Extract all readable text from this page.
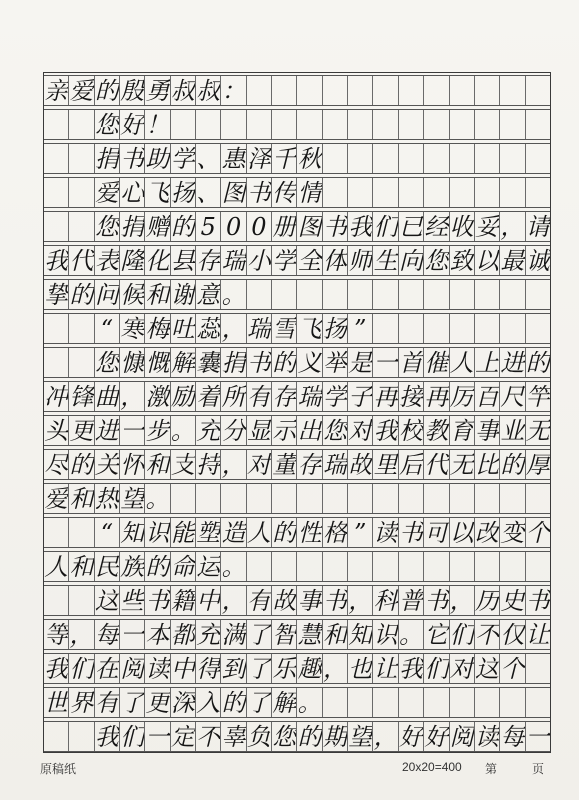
亲 爱 的 殷 勇 叔 叔 ：
您 好 ！
捐 书 助 学 、 惠 泽 千 秋
爱 心 飞 扬 、 图 书 传 情
您 捐 赠 的 5 0 0 册 图 书 我 们 已 经 收 妥 ， 请
我 代 表 隆 化 县 存 瑞 小 学 全 体 师 生 向 您 致 以 最 诚
挚 的 问 候 和 谢 意 。
“ 寒 梅 吐 蕊 ， 瑞 雪 飞 扬 ”
您 慷 慨 解 囊 捐 书 的 义 举 是 一 首 催 人 上 进 的
冲 锋 曲 ， 激 励 着 所 有 存 瑞 学 子 再 接 再 厉 百 尺 竿
头 更 进 一 步 。 充 分 显 示 出 您 对 我 校 教 育 事 业 无
尽 的 关 怀 和 支 持 ， 对 董 存 瑞 故 里 后 代 无 比 的 厚
爱 和 热 望 。
“ 知 识 能 塑 造 人 的 性 格 ” 读 书 可 以 改 变 个
人 和 民 族 的 命 运 。
这 些 书 籍 中 ， 有 故 事 书 ， 科 普 书 ， 历 史 书
等 ， 每 一 本 都 充 满 了 智 慧 和 知 识 。 它 们 不 仅 让
我 们 在 阅 读 中 得 到 了 乐 趣 ， 也 让 我 们 对 这 个
世 界 有 了 更 深 入 的 了 解 。
我 们 一 定 不 辜 负 您 的 期 望 ， 好 好 阅 读 每 一
原稿纸	20x20=400 第	页
